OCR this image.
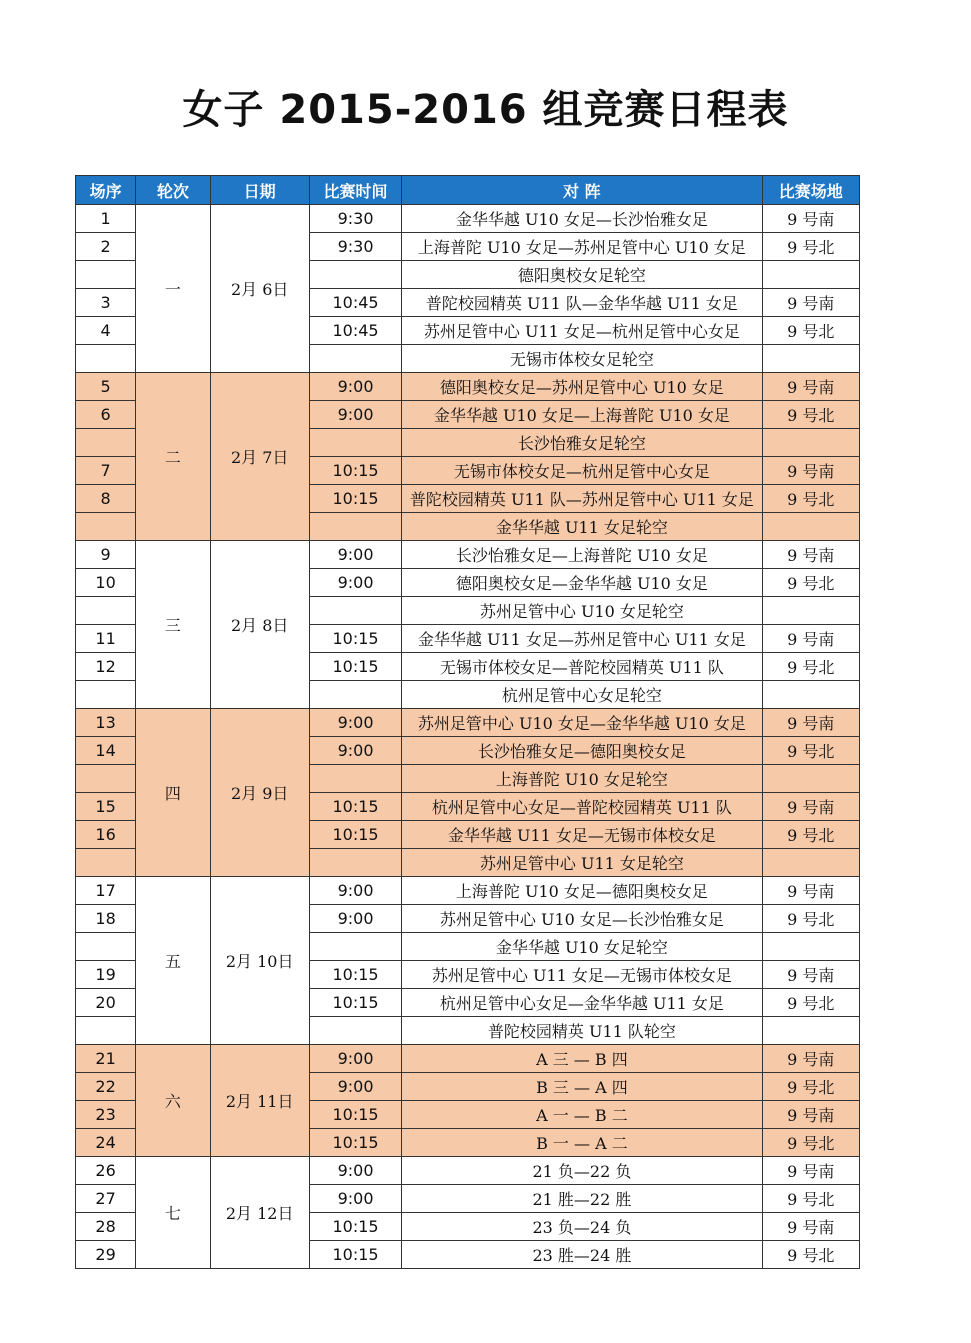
女子 2015-2016 组竞赛日程表
场序	轮次	日期	比赛时间	对 阵	比赛场地
1	一	2月 6日	9:30	金华华越 U10 女足—长沙怡雅女足	9 号南
2			9:30	上海普陀 U10 女足—苏州足管中心 U10 女足	9 号北
				德阳奥校女足轮空	
3			10:45	普陀校园精英 U11 队—金华华越 U11 女足	9 号南
4			10:45	苏州足管中心 U11 女足—杭州足管中心女足	9 号北
				无锡市体校女足轮空	
5	二	2月 7日	9:00	德阳奥校女足—苏州足管中心 U10 女足	9 号南
6			9:00	金华华越 U10 女足—上海普陀 U10 女足	9 号北
				长沙怡雅女足轮空	
7			10:15	无锡市体校女足—杭州足管中心女足	9 号南
8			10:15	普陀校园精英 U11 队—苏州足管中心 U11 女足	9 号北
				金华华越 U11 女足轮空	
9	三	2月 8日	9:00	长沙怡雅女足—上海普陀 U10 女足	9 号南
10			9:00	德阳奥校女足—金华华越 U10 女足	9 号北
				苏州足管中心 U10 女足轮空	
11			10:15	金华华越 U11 女足—苏州足管中心 U11 女足	9 号南
12			10:15	无锡市体校女足—普陀校园精英 U11 队	9 号北
				杭州足管中心女足轮空	
13	四	2月 9日	9:00	苏州足管中心 U10 女足—金华华越 U10 女足	9 号南
14			9:00	长沙怡雅女足—德阳奥校女足	9 号北
				上海普陀 U10 女足轮空	
15			10:15	杭州足管中心女足—普陀校园精英 U11 队	9 号南
16			10:15	金华华越 U11 女足—无锡市体校女足	9 号北
				苏州足管中心 U11 女足轮空	
17	五	2月 10日	9:00	上海普陀 U10 女足—德阳奥校女足	9 号南
18			9:00	苏州足管中心 U10 女足—长沙怡雅女足	9 号北
				金华华越 U10 女足轮空	
19			10:15	苏州足管中心 U11 女足—无锡市体校女足	9 号南
20			10:15	杭州足管中心女足—金华华越 U11 女足	9 号北
				普陀校园精英 U11 队轮空	
21	六	2月 11日	9:00	A 三 — B 四	9 号南
22			9:00	B 三 — A 四	9 号北
23			10:15	A 一 — B 二	9 号南
24			10:15	B 一 — A 二	9 号北
26	七	2月 12日	9:00	21 负—22 负	9 号南
27			9:00	21 胜—22 胜	9 号北
28			10:15	23 负—24 负	9 号南
29			10:15	23 胜—24 胜	9 号北
